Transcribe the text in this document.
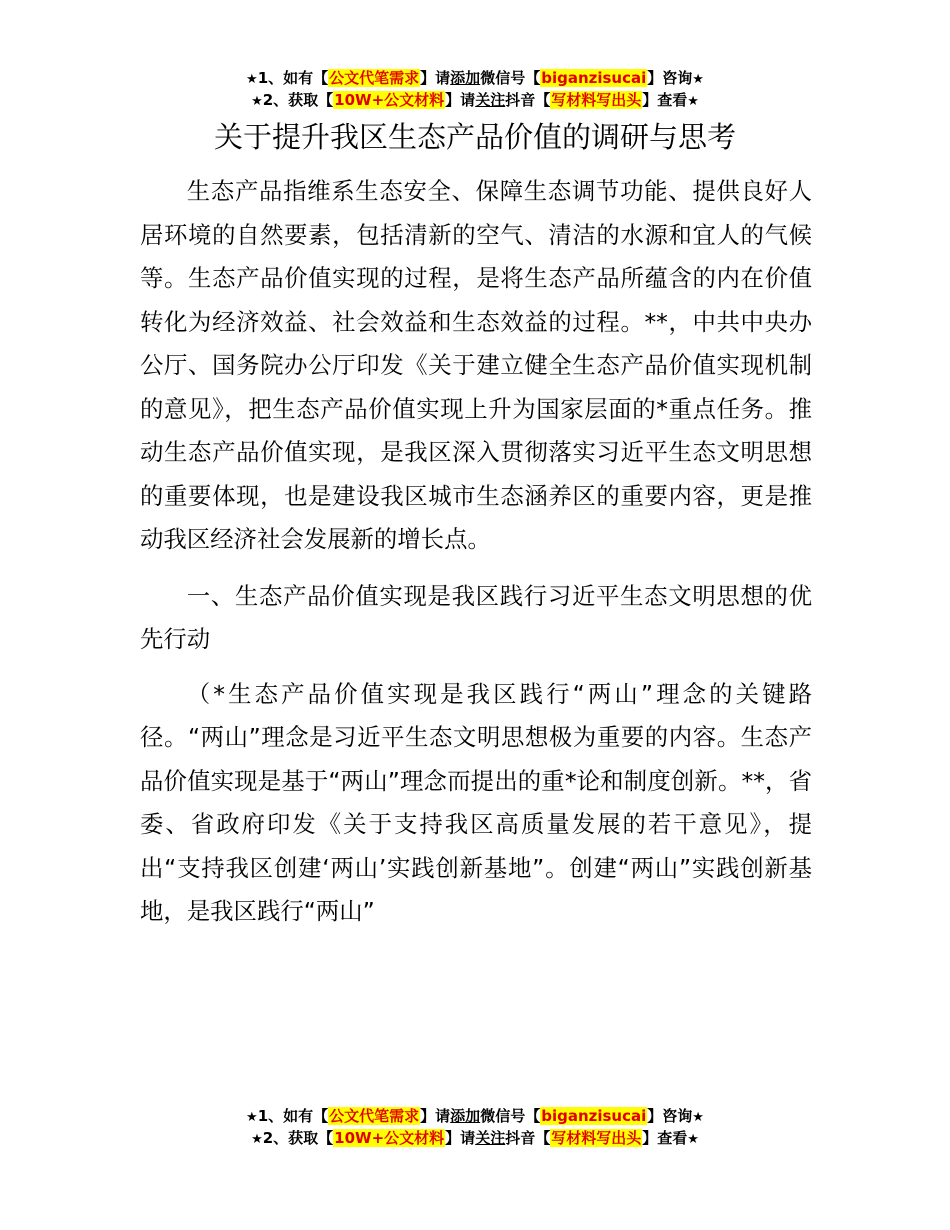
★1、如有【公文代笔需求】请添加微信号【biganzisucai】咨询★
★2、获取【10W+公文材料】请关注抖音【写材料写出头】查看★
关于提升我区生态产品价值的调研与思考

生态产品指维系生态安全、保障生态调节功能、提供良好人居环境的自然要素，包括清新的空气、清洁的水源和宜人的气候等。生态产品价值实现的过程，是将生态产品所蕴含的内在价值转化为经济效益、社会效益和生态效益的过程。**，中共中央办公厅、国务院办公厅印发《关于建立健全生态产品价值实现机制的意见》，把生态产品价值实现上升为国家层面的*重点任务。推动生态产品价值实现，是我区深入贯彻落实习近平生态文明思想的重要体现，也是建设我区城市生态涵养区的重要内容，更是推动我区经济社会发展新的增长点。

一、生态产品价值实现是我区践行习近平生态文明思想的优先行动

（*生态产品价值实现是我区践行“两山”理念的关键路径。“两山”理念是习近平生态文明思想极为重要的内容。生态产品价值实现是基于“两山”理念而提出的重*论和制度创新。**，省委、省政府印发《关于支持我区高质量发展的若干意见》，提出“支持我区创建‘两山’实践创新基地”。创建“两山”实践创新基地，是我区践行“两山”

★1、如有【公文代笔需求】请添加微信号【biganzisucai】咨询★
★2、获取【10W+公文材料】请关注抖音【写材料写出头】查看★
